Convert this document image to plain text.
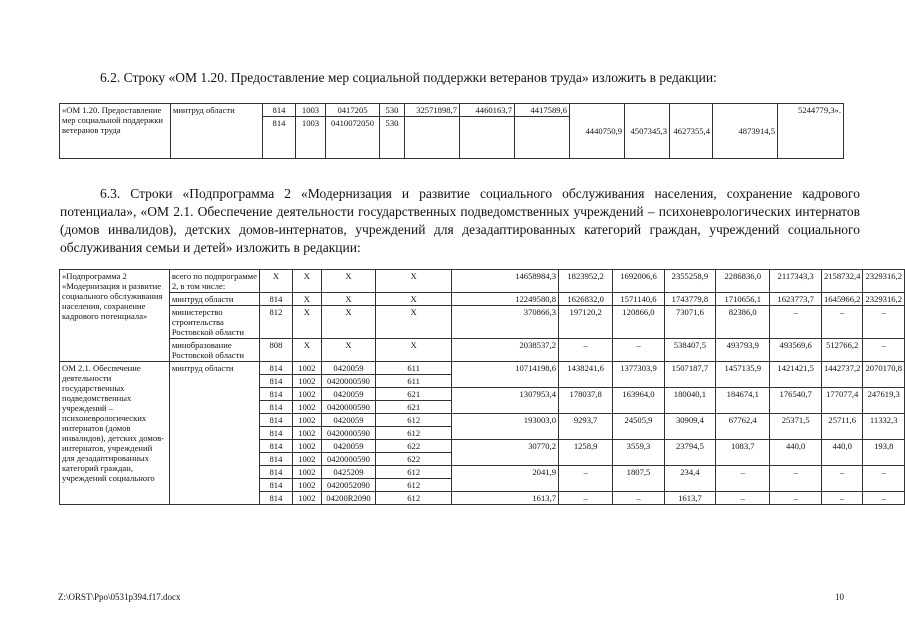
6.2. Строку «ОМ 1.20. Предоставление мер социальной поддержки ветеранов труда» изложить в редакции:
«ОМ 1.20. Предоставление мер социальной поддержки ветеранов труда	минтруд области	814	1003	0417205	530	32571898,7	4460163,7	4417589,6	4440750,9	4507345,3	4627355,4	4873914,5	5244779,3».
		814	1003	0410072050	530								
6.3. Строки «Подпрограмма 2 «Модернизация и развитие социального обслуживания населения, сохранение кадрового потенциала», «ОМ 2.1. Обеспечение деятельности государственных подведомственных учреждений – психоневрологических интернатов (домов инвалидов), детских домов-интернатов, учреждений для дезадаптированных категорий граждан, учреждений социального обслуживания семьи и детей» изложить в редакции:
«Подпрограмма 2 «Модернизация и развитие социального обслуживания населения, сохранение кадрового потенциала»	всего по подпрограмме 2, в том числе:	Х	Х	Х	Х	14658984,3	1823952,2	1692006,6	2355258,9	2286836,0	2117343,3	2158732,4	2329316,2
	минтруд области	814	Х	Х	Х	12249580,8	1626832,0	1571140,6	1743779,8	1710656,1	1623773,7	1645966,2	2329316,2
	министерство строительства Ростовской области	812	Х	Х	Х	370866,3	197120,2	120866,0	73071,6	82386,0	–	–	–
	минобразование Ростовской области	808	Х	Х	Х	2038537,2	–	–	538407,5	493793,9	493569,6	512766,2	–
ОМ 2.1. Обеспечение деятельности государственных подведомственных учреждений – психоневрологических интернатов (домов инвалидов), детских домов-интернатов, учреждений для дезадаптированных категорий граждан, учреждений социального	минтруд области	814	1002	0420059	611	10714198,6	1438241,6	1377303,9	1507187,7	1457135,9	1421421,5	1442737,2	2070170,8
		814	1002	0420000590	611								
		814	1002	0420059	621	1307953,4	178037,8	163964,0	180040,1	184674,1	176540,7	177077,4	247619,3
		814	1002	0420000590	621								
		814	1002	0420059	612	193003,0	9293,7	24505,9	30909,4	67762,4	25371,5	25711,6	11332,3
		814	1002	0420000590	612								
		814	1002	0420059	622	30770,2	1258,9	3559,3	23794,5	1083,7	440,0	440,0	193,8
		814	1002	0420000590	622								
		814	1002	0425209	612	2041,9	–	1807,5	234,4	–	–	–	–
		814	1002	0420052090	612								
		814	1002	04200R2090	612	1613,7	–	–	1613,7	–	–	–	–
Z:\ORST\Ppo\0531p394.f17.docx	10
